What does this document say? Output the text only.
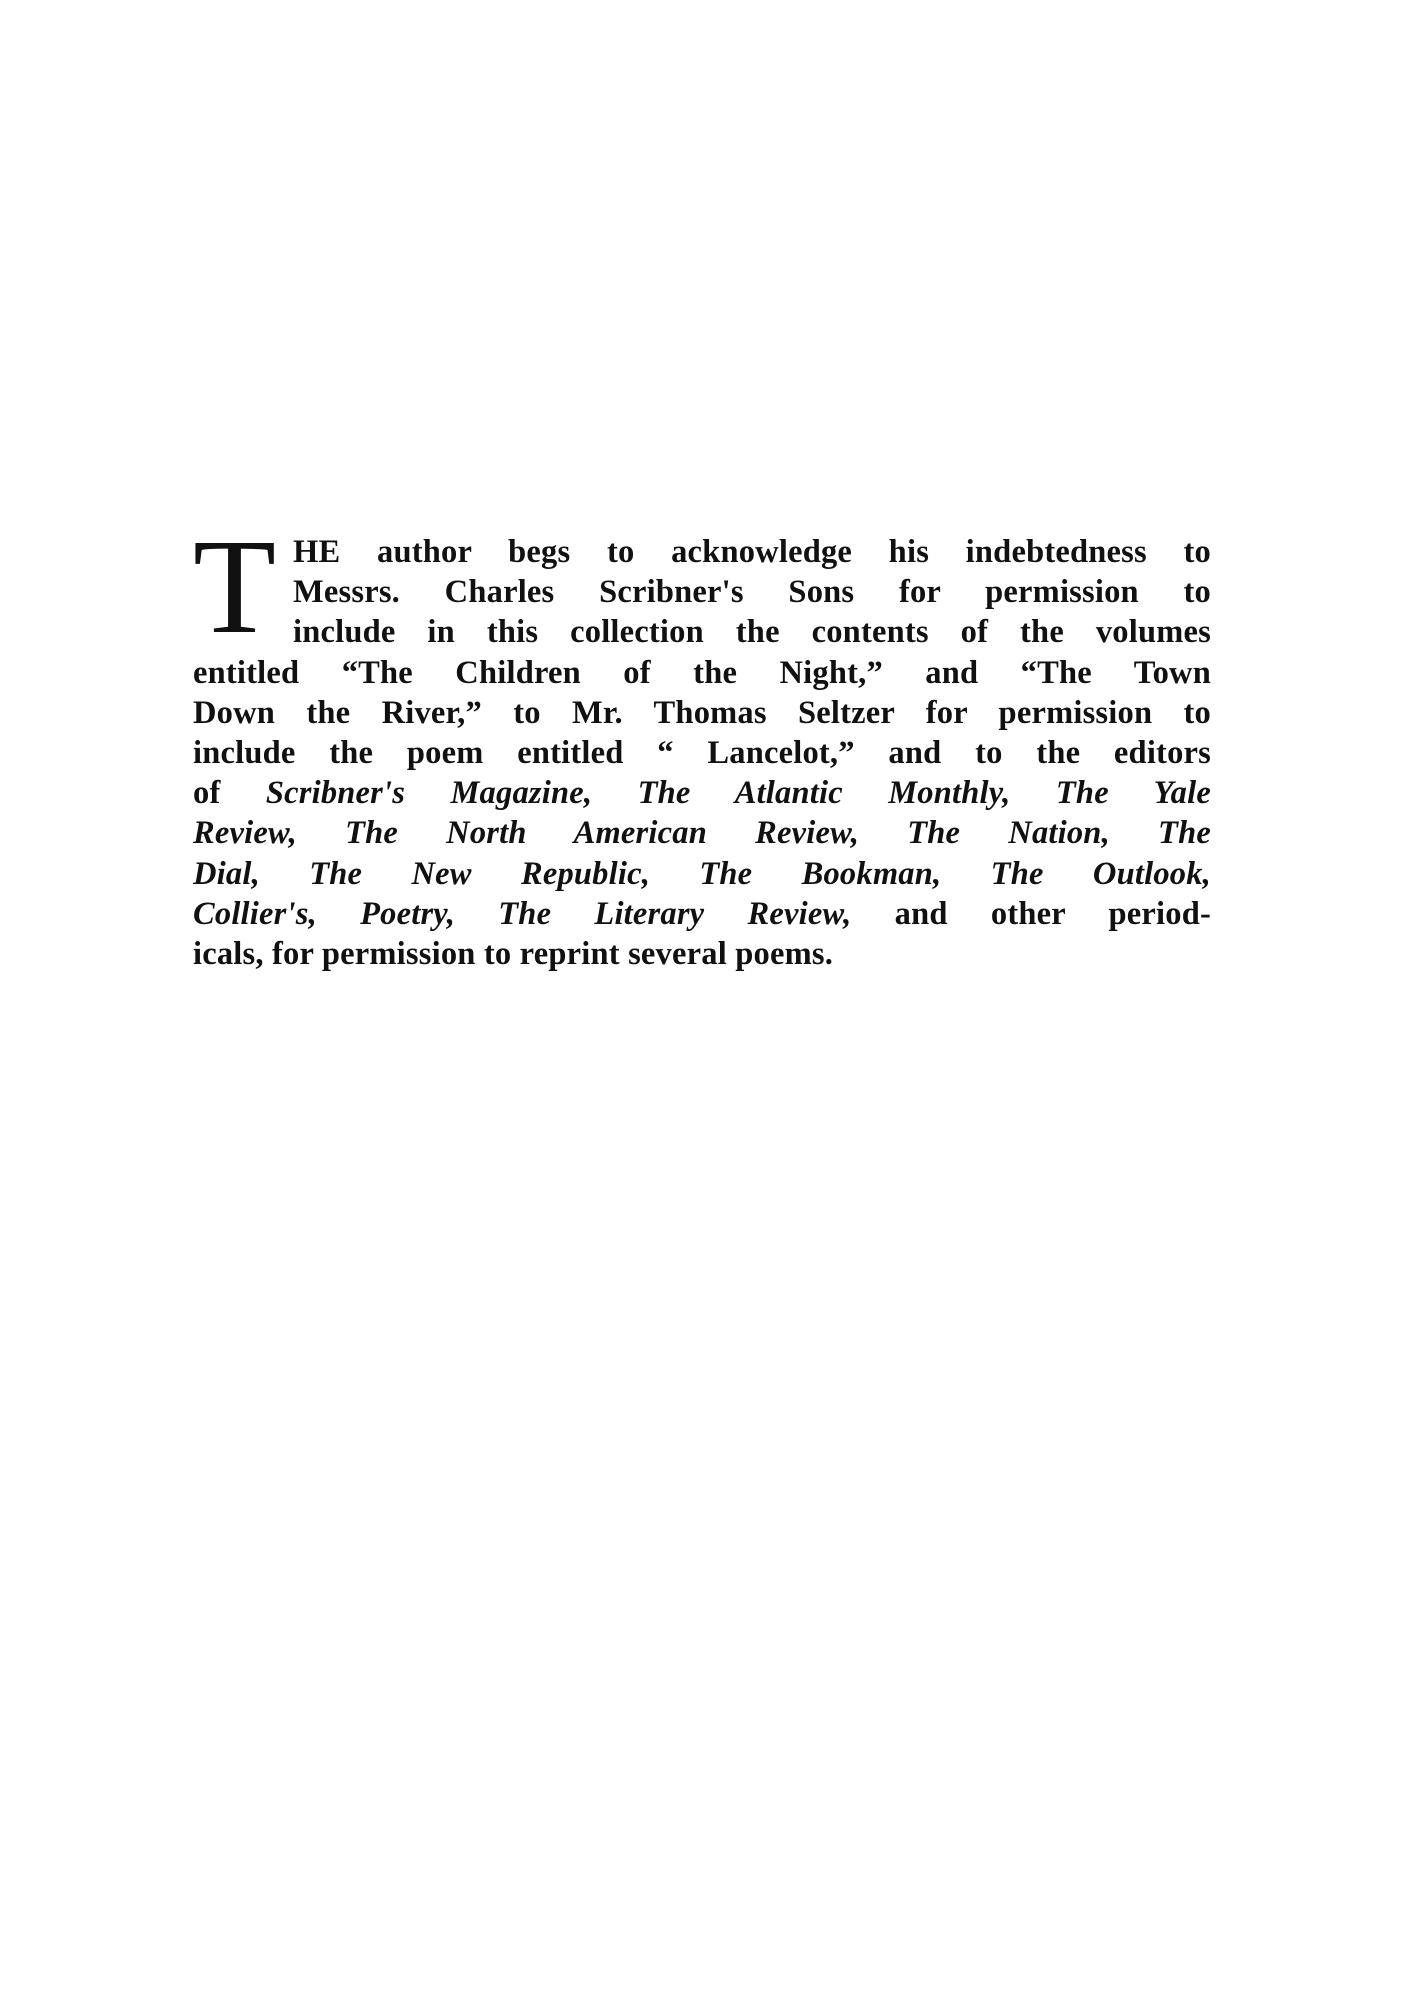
T HE author begs to acknowledge his indebtedness to
Messrs. Charles Scribner's Sons for permission to
include in this collection the contents of the volumes
entitled “The Children of the Night,” and “The Town
Down the River,” to Mr. Thomas Seltzer for permission to
include the poem entitled “ Lancelot,” and to the editors
of Scribner's Magazine, The Atlantic Monthly, The Yale
Review, The North American Review, The Nation, The
Dial, The New Republic, The Bookman, The Outlook,
Collier's, Poetry, The Literary Review, and other period-
icals, for permission to reprint several poems.
